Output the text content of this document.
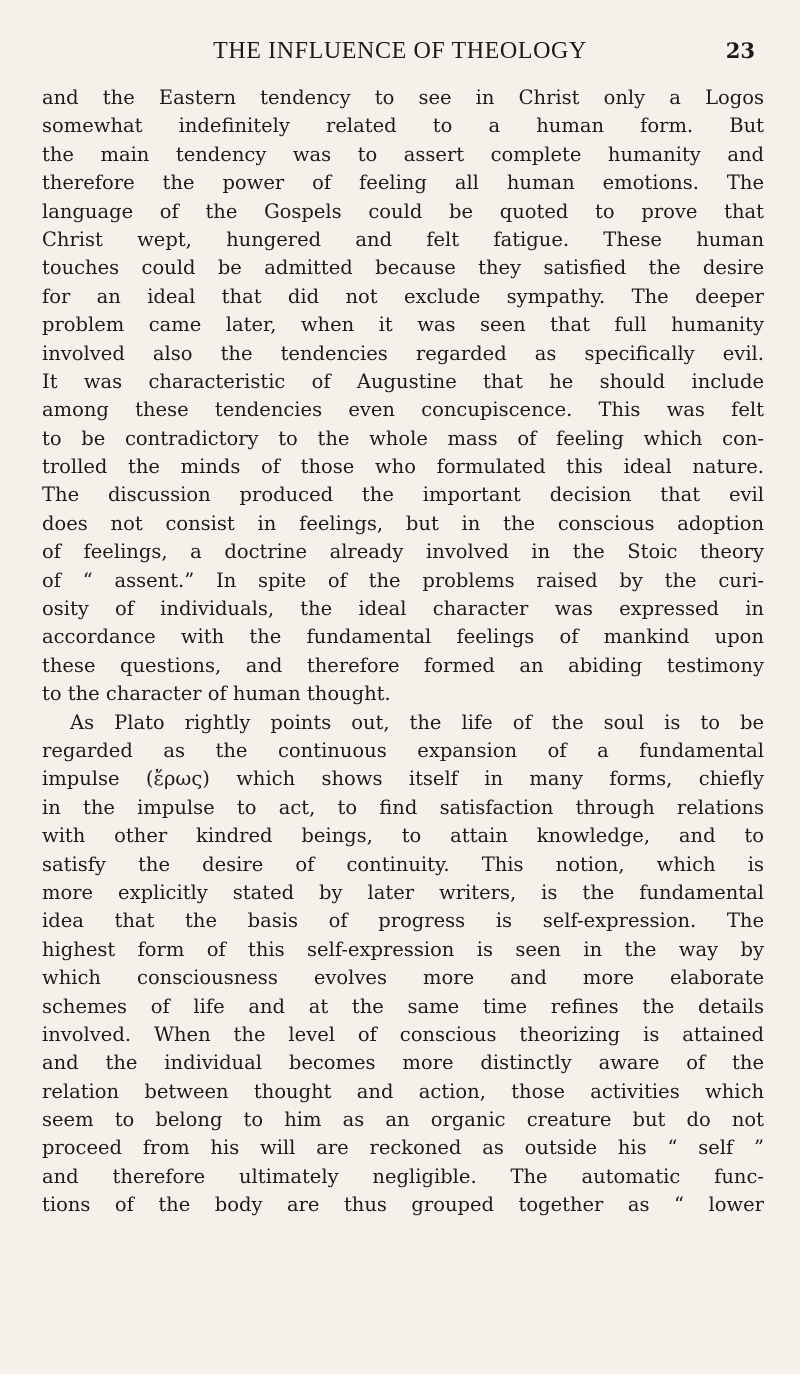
THE INFLUENCE OF THEOLOGY	23
and the Eastern tendency to see in Christ only a Logos
somewhat indefinitely related to a human form. But
the main tendency was to assert complete humanity and
therefore the power of feeling all human emotions. The
language of the Gospels could be quoted to prove that
Christ wept, hungered and felt fatigue. These human
touches could be admitted because they satisfied the desire
for an ideal that did not exclude sympathy. The deeper
problem came later, when it was seen that full humanity
involved also the tendencies regarded as specifically evil.
It was characteristic of Augustine that he should include
among these tendencies even concupiscence. This was felt
to be contradictory to the whole mass of feeling which con-
trolled the minds of those who formulated this ideal nature.
The discussion produced the important decision that evil
does not consist in feelings, but in the conscious adoption
of feelings, a doctrine already involved in the Stoic theory
of “ assent.” In spite of the problems raised by the curi-
osity of individuals, the ideal character was expressed in
accordance with the fundamental feelings of mankind upon
these questions, and therefore formed an abiding testimony
to the character of human thought.
As Plato rightly points out, the life of the soul is to be
regarded as the continuous expansion of a fundamental
impulse (ἔρως) which shows itself in many forms, chiefly
in the impulse to act, to find satisfaction through relations
with other kindred beings, to attain knowledge, and to
satisfy the desire of continuity. This notion, which is
more explicitly stated by later writers, is the fundamental
idea that the basis of progress is self-expression. The
highest form of this self-expression is seen in the way by
which consciousness evolves more and more elaborate
schemes of life and at the same time refines the details
involved. When the level of conscious theorizing is attained
and the individual becomes more distinctly aware of the
relation between thought and action, those activities which
seem to belong to him as an organic creature but do not
proceed from his will are reckoned as outside his “ self ”
and therefore ultimately negligible. The automatic func-
tions of the body are thus grouped together as “ lower
